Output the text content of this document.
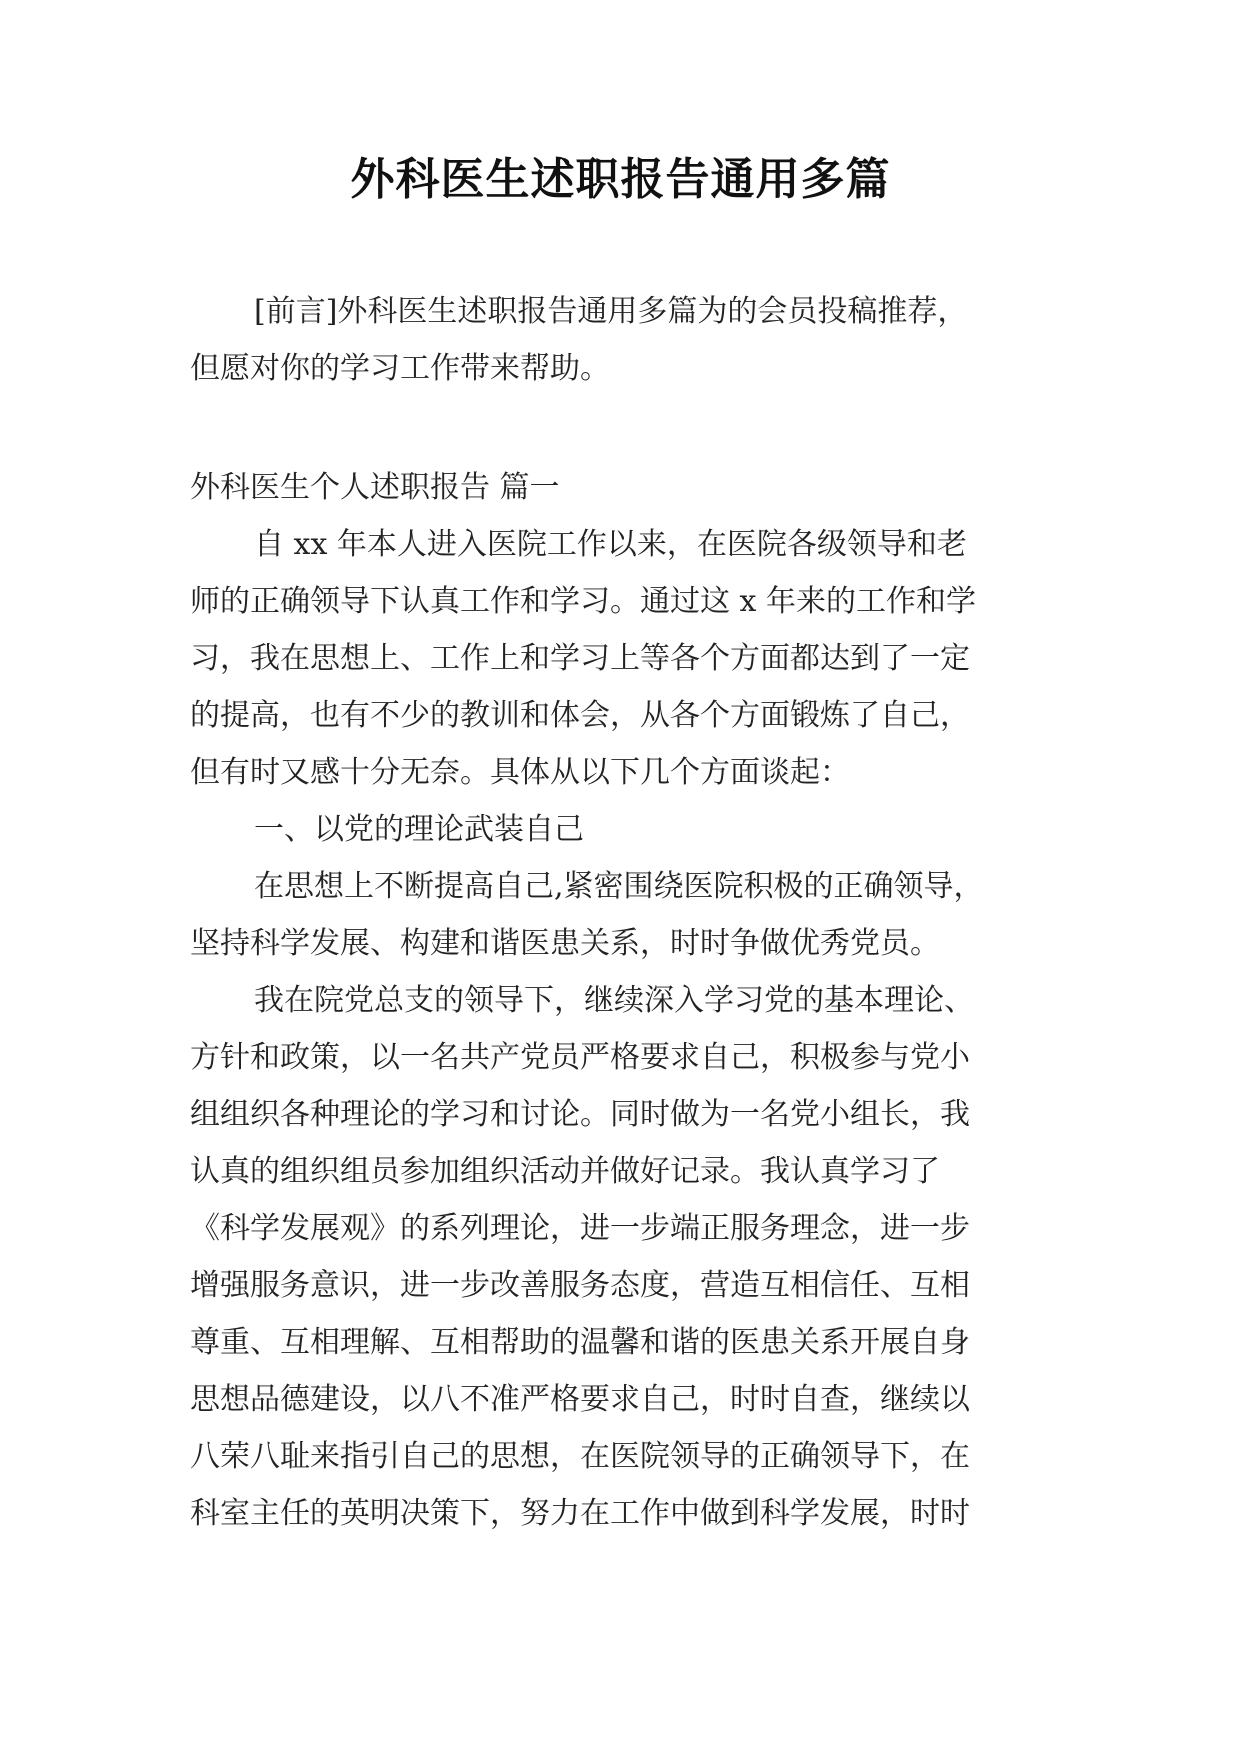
外科医生述职报告通用多篇
[前言]外科医生述职报告通用多篇为的会员投稿推荐，
但愿对你的学习工作带来帮助。
外科医生个人述职报告 篇一
自 xx 年本人进入医院工作以来，在医院各级领导和老
师的正确领导下认真工作和学习。通过这 x 年来的工作和学
习，我在思想上、工作上和学习上等各个方面都达到了一定
的提高，也有不少的教训和体会，从各个方面锻炼了自己，
但有时又感十分无奈。具体从以下几个方面谈起：
一、以党的理论武装自己
在思想上不断提高自己,紧密围绕医院积极的正确领导，
坚持科学发展、构建和谐医患关系，时时争做优秀党员。
我在院党总支的领导下，继续深入学习党的基本理论、
方针和政策，以一名共产党员严格要求自己，积极参与党小
组组织各种理论的学习和讨论。同时做为一名党小组长，我
认真的组织组员参加组织活动并做好记录。我认真学习了
《科学发展观》的系列理论，进一步端正服务理念，进一步
增强服务意识，进一步改善服务态度，营造互相信任、互相
尊重、互相理解、互相帮助的温馨和谐的医患关系开展自身
思想品德建设，以八不准严格要求自己，时时自查，继续以
八荣八耻来指引自己的思想，在医院领导的正确领导下，在
科室主任的英明决策下，努力在工作中做到科学发展，时时
